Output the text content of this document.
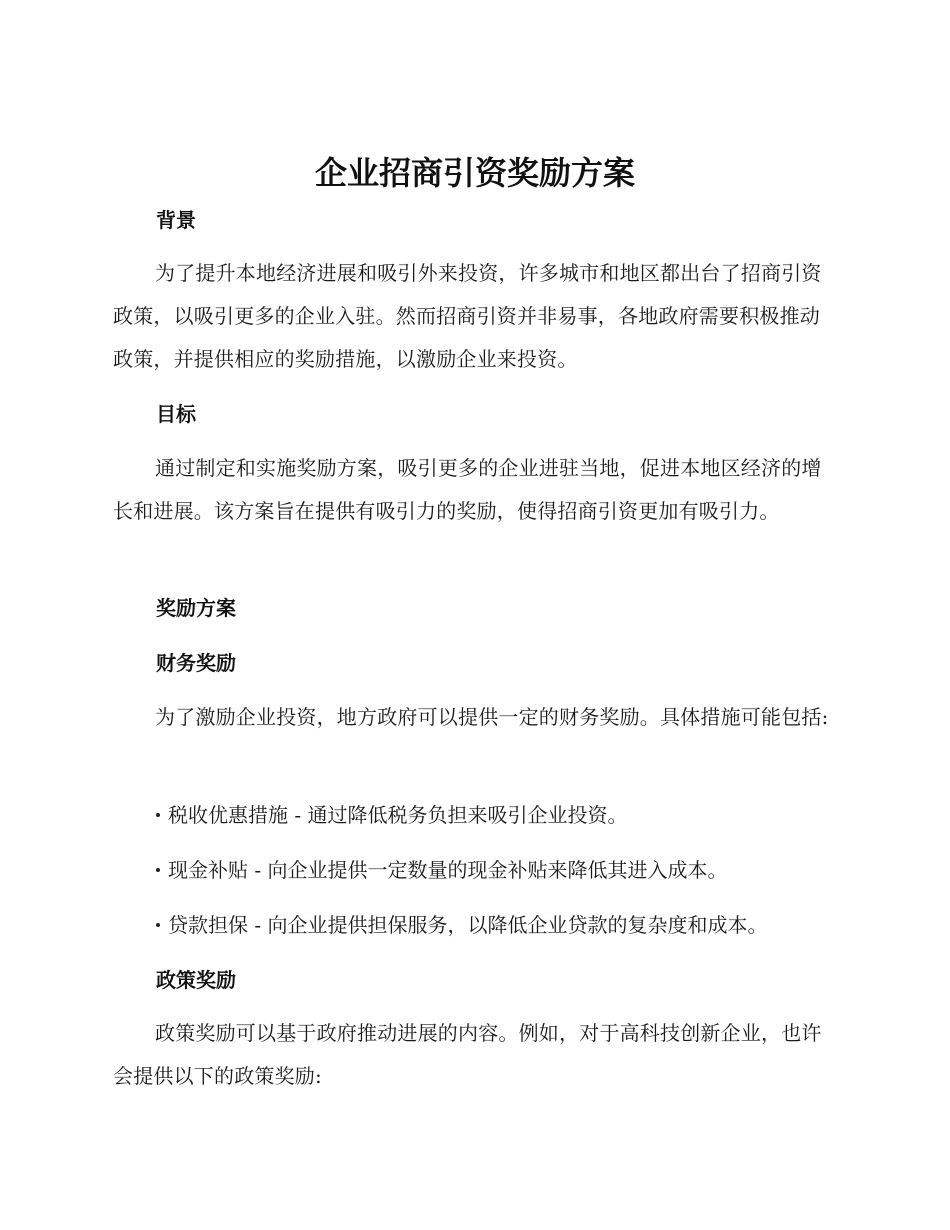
企业招商引资奖励方案
背景

为了提升本地经济进展和吸引外来投资，许多城市和地区都出台了招商引资政策，以吸引更多的企业入驻。然而招商引资并非易事，各地政府需要积极推动政策，并提供相应的奖励措施，以激励企业来投资。

目标

通过制定和实施奖励方案，吸引更多的企业进驻当地，促进本地区经济的增长和进展。该方案旨在提供有吸引力的奖励，使得招商引资更加有吸引力。

奖励方案
财务奖励

为了激励企业投资，地方政府可以提供一定的财务奖励。具体措施可能包括:

税收优惠措施 - 通过降低税务负担来吸引企业投资。

现金补贴 - 向企业提供一定数量的现金补贴来降低其进入成本。

贷款担保 - 向企业提供担保服务，以降低企业贷款的复杂度和成本。

政策奖励

政策奖励可以基于政府推动进展的内容。例如，对于高科技创新企业，也许会提供以下的政策奖励:
